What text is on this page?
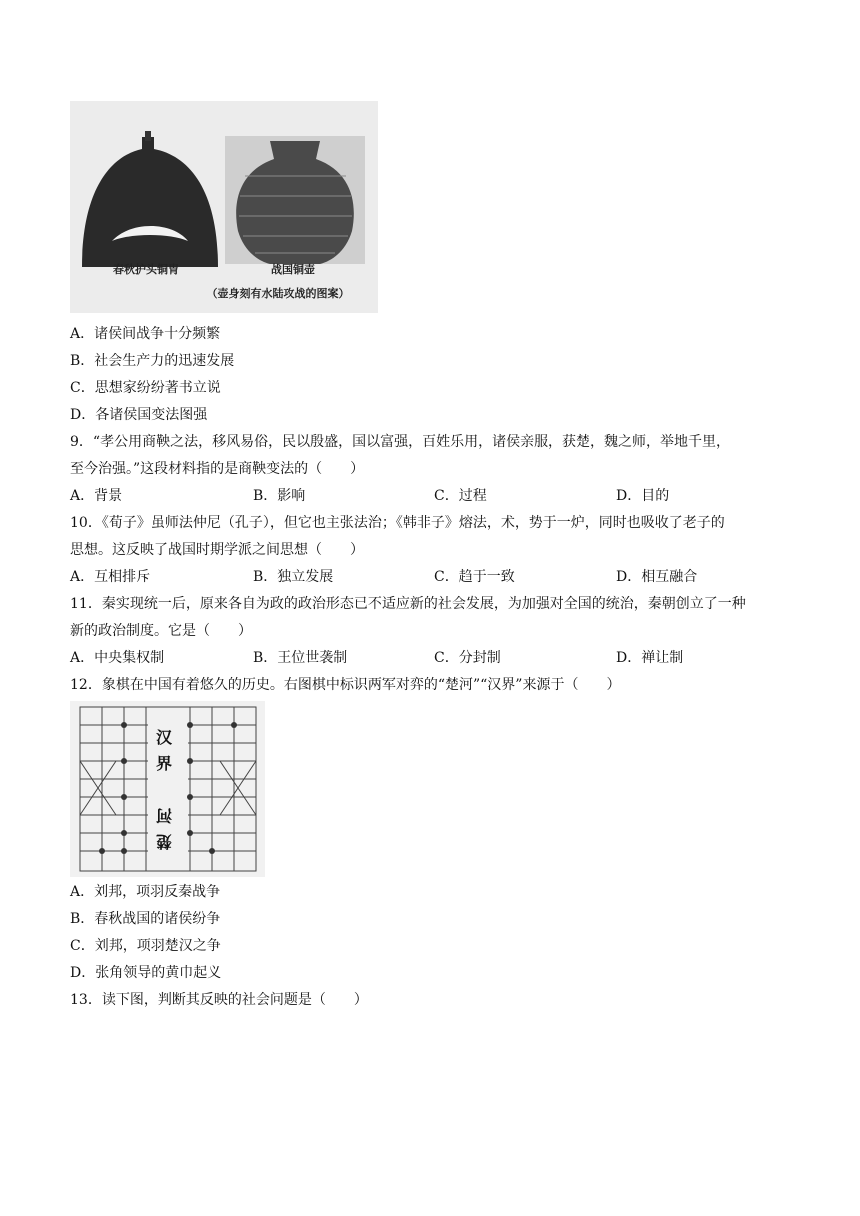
春秋护头铜胄	战国铜壶
（壶身刻有水陆攻战的图案）
A．诸侯间战争十分频繁
B．社会生产力的迅速发展
C．思想家纷纷著书立说
D．各诸侯国变法图强
9．“孝公用商鞅之法，移风易俗，民以殷盛，国以富强，百姓乐用，诸侯亲服，获楚，魏之师，举地千里，
至今治强。”这段材料指的是商鞅变法的（　　）
A．背景	B．影响	C．过程	D．目的
10．《荀子》虽师法仲尼（孔子），但它也主张法治；《韩非子》熔法，术，势于一炉，同时也吸收了老子的
思想。这反映了战国时期学派之间思想（　　）
A．互相排斥	B．独立发展	C．趋于一致	D．相互融合
11．秦实现统一后，原来各自为政的政治形态已不适应新的社会发展，为加强对全国的统治，秦朝创立了一种
新的政治制度。它是（　　）
A．中央集权制	B．王位世袭制	C．分封制	D．禅让制
12．象棋在中国有着悠久的历史。右图棋中标识两军对弈的“楚河”“汉界”来源于（　　）
汉
界
河
楚
A．刘邦，项羽反秦战争
B．春秋战国的诸侯纷争
C．刘邦，项羽楚汉之争
D．张角领导的黄巾起义
13．读下图，判断其反映的社会问题是（　　）
